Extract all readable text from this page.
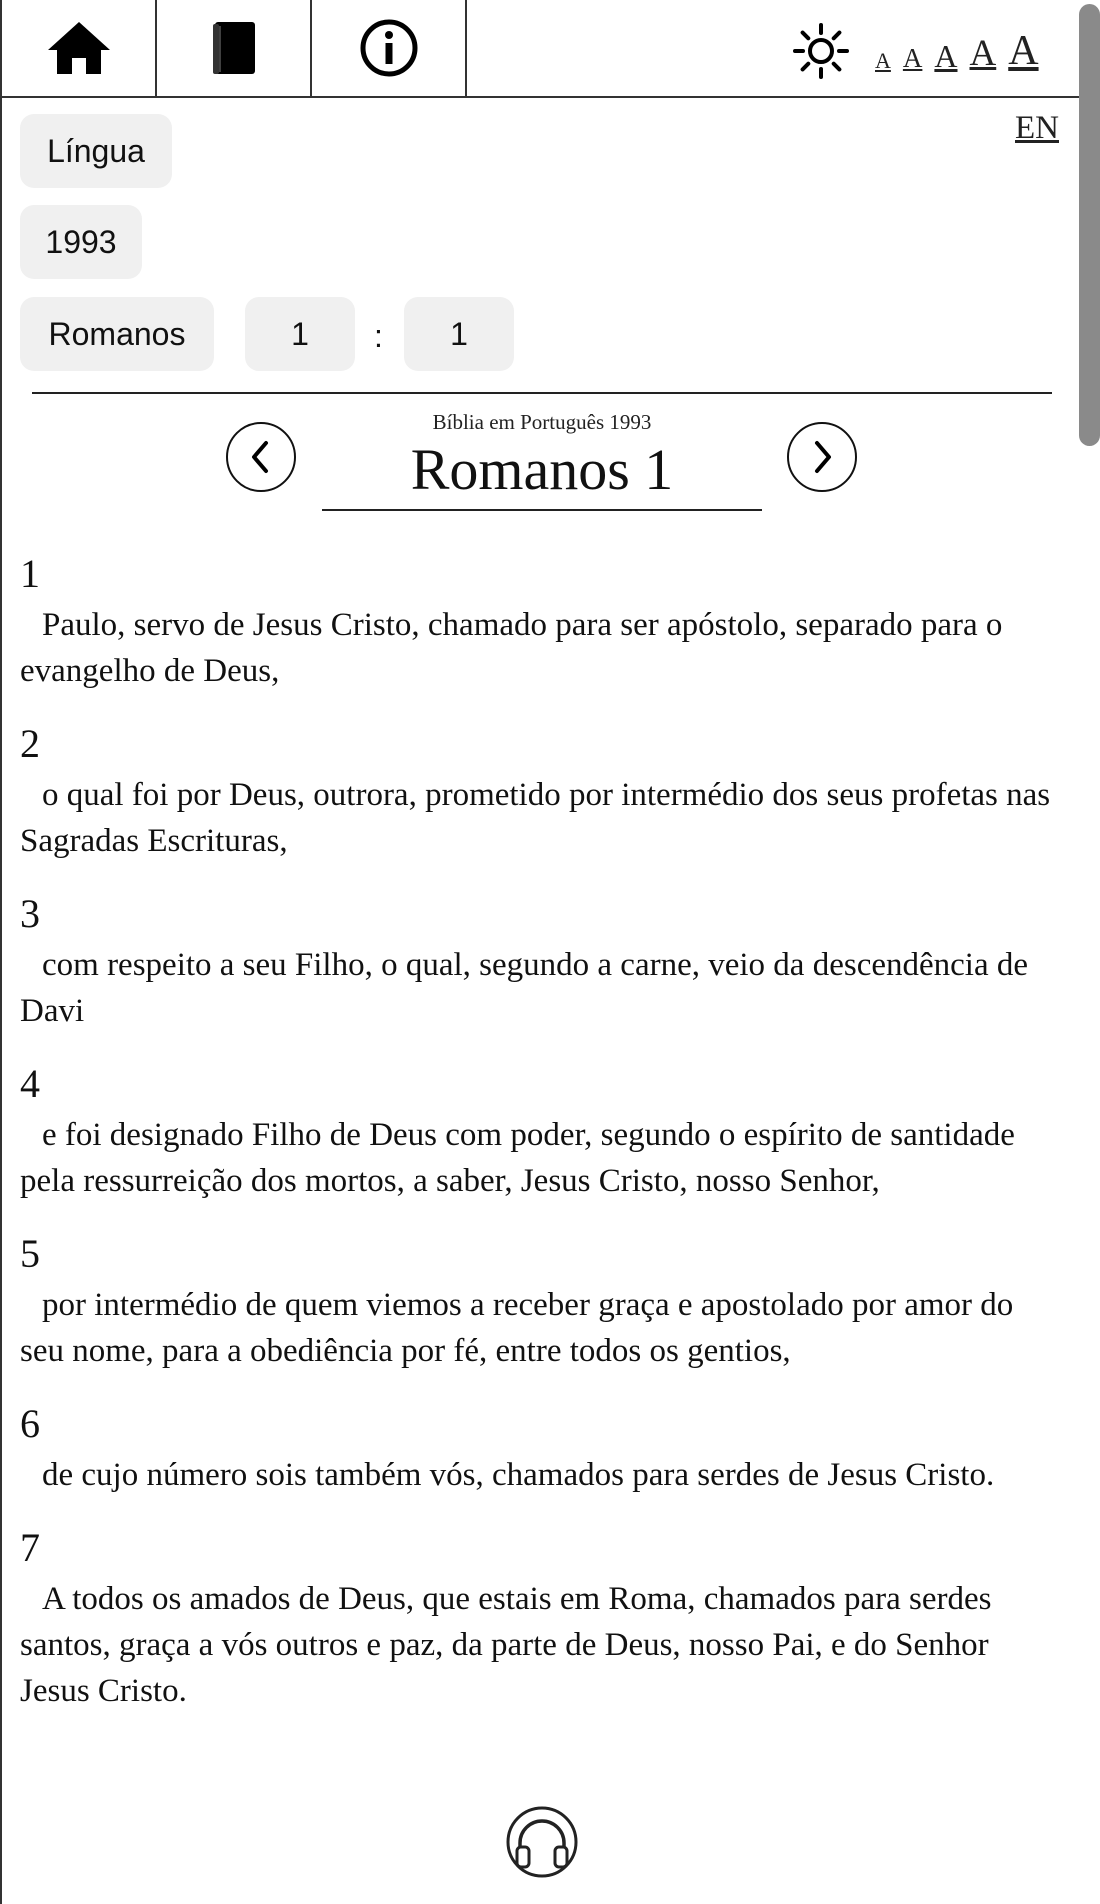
A A A A A
EN
Língua
1993
Romanos	1	:	1
Bíblia em Português 1993
Romanos 1
1
Paulo, servo de Jesus Cristo, chamado para ser apóstolo, separado para o evangelho de Deus,
2
o qual foi por Deus, outrora, prometido por intermédio dos seus profetas nas Sagradas Escrituras,
3
com respeito a seu Filho, o qual, segundo a carne, veio da descendência de Davi
4
e foi designado Filho de Deus com poder, segundo o espírito de santidade pela ressurreição dos mortos, a saber, Jesus Cristo, nosso Senhor,
5
por intermédio de quem viemos a receber graça e apostolado por amor do seu nome, para a obediência por fé, entre todos os gentios,
6
de cujo número sois também vós, chamados para serdes de Jesus Cristo.
7
A todos os amados de Deus, que estais em Roma, chamados para serdes santos, graça a vós outros e paz, da parte de Deus, nosso Pai, e do Senhor Jesus Cristo.
